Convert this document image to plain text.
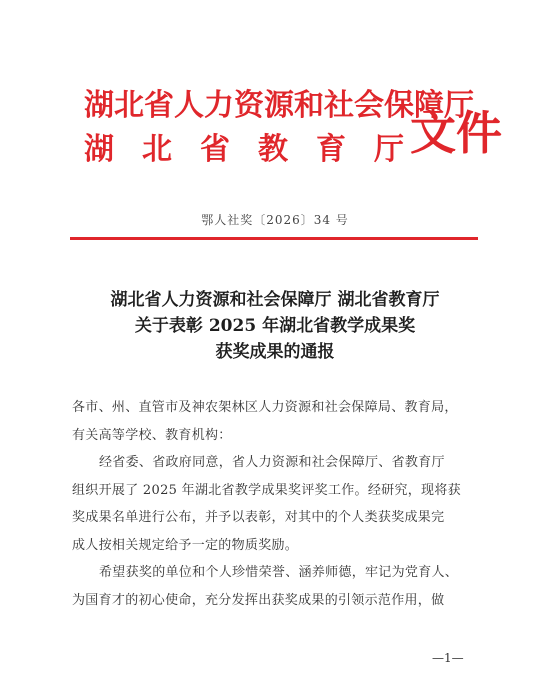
湖北省人力资源和社会保障厅
湖北省教育厅
文件
鄂人社奖〔2026〕34 号
湖北省人力资源和社会保障厅 湖北省教育厅
关于表彰 2025 年湖北省教学成果奖
获奖成果的通报
各市、州、直管市及神农架林区人力资源和社会保障局、教育局，
有关高等学校、教育机构：
经省委、省政府同意，省人力资源和社会保障厅、省教育厅
组织开展了 2025 年湖北省教学成果奖评奖工作。经研究，现将获
奖成果名单进行公布，并予以表彰，对其中的个人类获奖成果完
成人按相关规定给予一定的物质奖励。
希望获奖的单位和个人珍惜荣誉、涵养师德，牢记为党育人、
为国育才的初心使命，充分发挥出获奖成果的引领示范作用，做
—1—
